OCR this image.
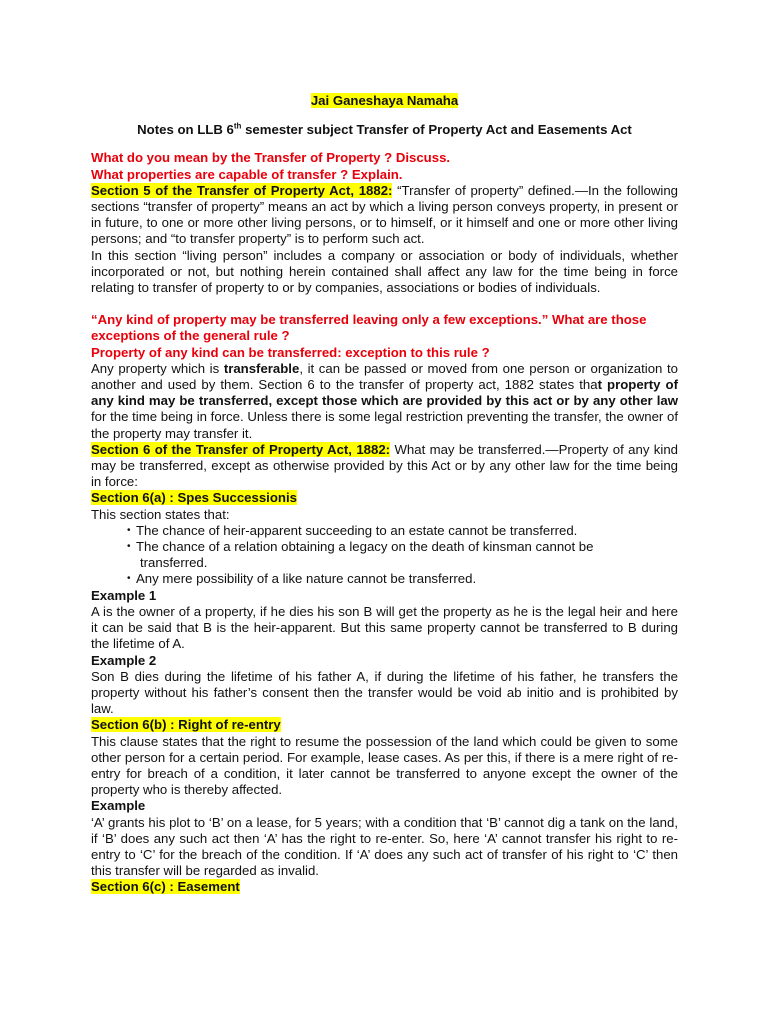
Jai Ganeshaya Namaha
Notes on LLB 6th semester subject Transfer of Property Act and Easements Act
What do you mean by the Transfer of Property ? Discuss.
What properties are capable of transfer ? Explain.

Section 5 of the Transfer of Property Act, 1882: “Transfer of property” defined.—In the following sections “transfer of property” means an act by which a living person conveys property, in present or in future, to one or more other living persons, or to himself, or it himself and one or more other living persons; and “to transfer property” is to perform such act.

In this section “living person” includes a company or association or body of individuals, whether incorporated or not, but nothing herein contained shall affect any law for the time being in force relating to transfer of property to or by companies, associations or bodies of individuals.

“Any kind of property may be transferred leaving only a few exceptions.” What are those exceptions of the general rule ?
Property of any kind can be transferred: exception to this rule ?

Any property which is transferable, it can be passed or moved from one person or organization to another and used by them. Section 6 to the transfer of property act, 1882 states that property of any kind may be transferred, except those which are provided by this act or by any other law for the time being in force. Unless there is some legal restriction preventing the transfer, the owner of the property may transfer it.

Section 6 of the Transfer of Property Act, 1882: What may be transferred.—Property of any kind may be transferred, except as otherwise provided by this Act or by any other law for the time being in force:

Section 6(a) : Spes Successionis
This section states that:
• The chance of heir-apparent succeeding to an estate cannot be transferred.
• The chance of a relation obtaining a legacy on the death of kinsman cannot be
transferred.
• Any mere possibility of a like nature cannot be transferred.
Example 1

A is the owner of a property, if he dies his son B will get the property as he is the legal heir and here it can be said that B is the heir-apparent. But this same property cannot be transferred to B during the lifetime of A.

Example 2

Son B dies during the lifetime of his father A, if during the lifetime of his father, he transfers the property without his father’s consent then the transfer would be void ab initio and is prohibited by law.

Section 6(b) : Right of re-entry

This clause states that the right to resume the possession of the land which could be given to some other person for a certain period. For example, lease cases. As per this, if there is a mere right of re-entry for breach of a condition, it later cannot be transferred to anyone except the owner of the property who is thereby affected.

Example

‘A’ grants his plot to ‘B’ on a lease, for 5 years; with a condition that ‘B’ cannot dig a tank on the land, if ‘B’ does any such act then ‘A’ has the right to re-enter. So, here ‘A’ cannot transfer his right to re-entry to ‘C’ for the breach of the condition. If ‘A’ does any such act of transfer of his right to ‘C’ then this transfer will be regarded as invalid.

Section 6(c) : Easement
